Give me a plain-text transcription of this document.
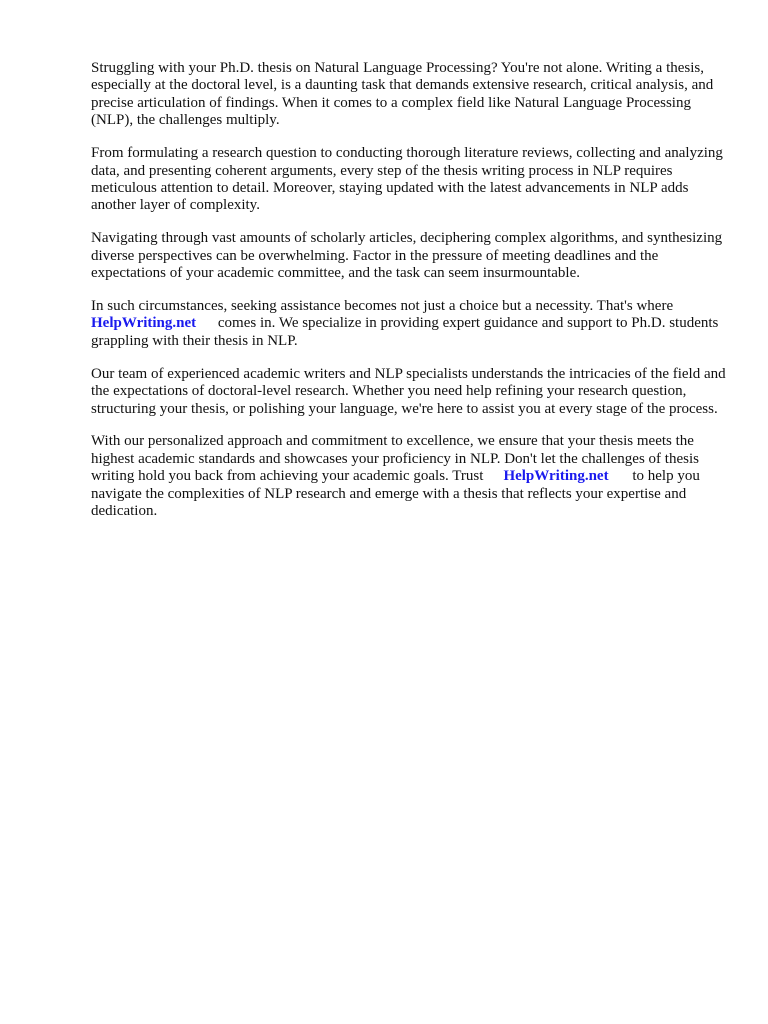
Struggling with your Ph.D. thesis on Natural Language Processing? You're not alone. Writing a thesis, especially at the doctoral level, is a daunting task that demands extensive research, critical analysis, and precise articulation of findings. When it comes to a complex field like Natural Language Processing (NLP), the challenges multiply.

From formulating a research question to conducting thorough literature reviews, collecting and analyzing data, and presenting coherent arguments, every step of the thesis writing process in NLP requires meticulous attention to detail. Moreover, staying updated with the latest advancements in NLP adds another layer of complexity.

Navigating through vast amounts of scholarly articles, deciphering complex algorithms, and synthesizing diverse perspectives can be overwhelming. Factor in the pressure of meeting deadlines and the expectations of your academic committee, and the task can seem insurmountable.

In such circumstances, seeking assistance becomes not just a choice but a necessity. That's where
HelpWriting.net comes in. We specialize in providing expert guidance and support to Ph.D. students grappling with their thesis in NLP.

Our team of experienced academic writers and NLP specialists understands the intricacies of the field and the expectations of doctoral-level research. Whether you need help refining your research question, structuring your thesis, or polishing your language, we're here to assist you at every stage of the process.

With our personalized approach and commitment to excellence, we ensure that your thesis meets the highest academic standards and showcases your proficiency in NLP. Don't let the challenges of thesis writing hold you back from achieving your academic goals. Trust HelpWriting.net to help you navigate the complexities of NLP research and emerge with a thesis that reflects your expertise and dedication.
